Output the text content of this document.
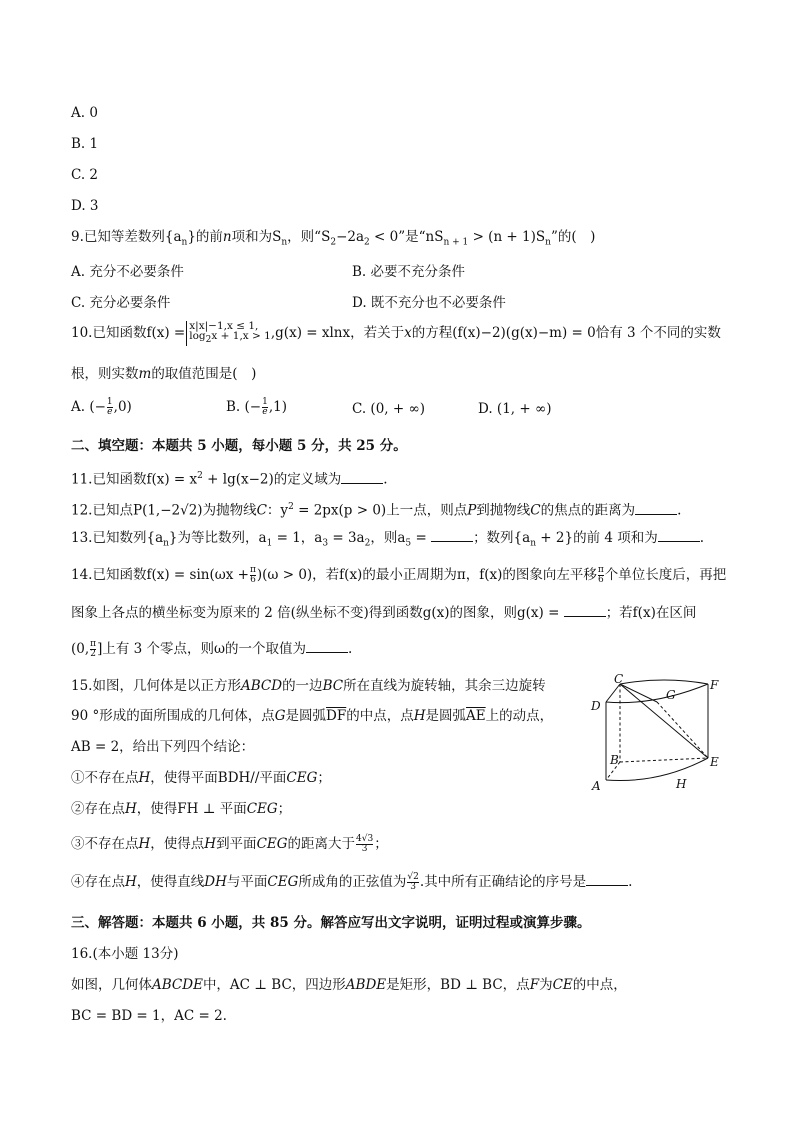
A. 0
B. 1
C. 2
D. 3
9.已知等差数列$\{a_n\}$的前n项和为$S_n$，则“$S_2-2a_2 < 0$”是“$nS_{n + 1} > (n + 1)S_n$”的(　)
A. 充分不必要条件	B. 必要不充分条件
C. 充分必要条件	D. 既不充分也不必要条件
10.已知函数f(x) = x|x|−1,x ≤ 1,
$\log_2x + 1,x > 1$ ,g(x) = xlnx，若关于x的方程(f(x)−2)(g(x)−m) = 0恰有 3 个不同的实数
根，则实数m的取值范围是(　)
A. (− $\frac{1}{e} ,0$)	B. (− $\frac{1}{e} ,1$)	C. (0, + ∞)	D. (1, + ∞)
二、填空题：本题共 5 小题，每小题 5 分，共 25 分。
11.已知函数$f(x) = x^2 + \lg(x-2)$的定义域为	.
12.已知点P(1,−2√2)为抛物线C：$y^2 = 2px(p > 0)$上一点，则点P到抛物线C的焦点的距离为	.
13.已知数列$\{a_n\}$为等比数列，$a_1 = 1$，$a_3 = 3a_2$，则$a_5$ =	；数列$\{a_n + 2\}$的前 4 项和为	.
14.已知函数$f(x) = \sin(\omega x + \frac{\pi}{6} )(\omega > 0)$，若f(x)的最小正周期为π，f(x)的图象向左平移 $\frac{\pi}{6}$ 个单位长度后，再把
图象上各点的横坐标变为原来的 2 倍(纵坐标不变)得到函数g(x)的图象，则g(x) =	；若f(x)在区间
(0, $\frac{\pi}{2}$ ]上有 3 个零点，则ω的一个取值为	.
15.如图，几何体是以正方形ABCD的一边BC所在直线为旋转轴，其余三边旋转
90 °形成的面所围成的几何体，点G是圆弧$\overline{DF}$的中点，点H是圆弧$\overline{AE}$上的动点，
AB = 2，给出下列四个结论：
①不存在点H，使得平面BDH//平面CEG；
②存在点H，使得FH ⊥ 平面CEG；
③不存在点H，使得点H到平面CEG的距离大于 $\frac{4√3}{3}$ ；
④存在点H，使得直线DH与平面CEG所成角的正弦值为 $\frac{√2}{3}$ .其中所有正确结论的序号是	.
C
G
F
D
B	E
A	H
三、解答题：本题共 6 小题，共 85 分。解答应写出文字说明，证明过程或演算步骤。
16.(本小题 13分)
如图，几何体ABCDE中，AC ⊥ BC，四边形ABDE是矩形，BD ⊥ BC，点F为CE的中点，
BC = BD = 1，AC = 2.
